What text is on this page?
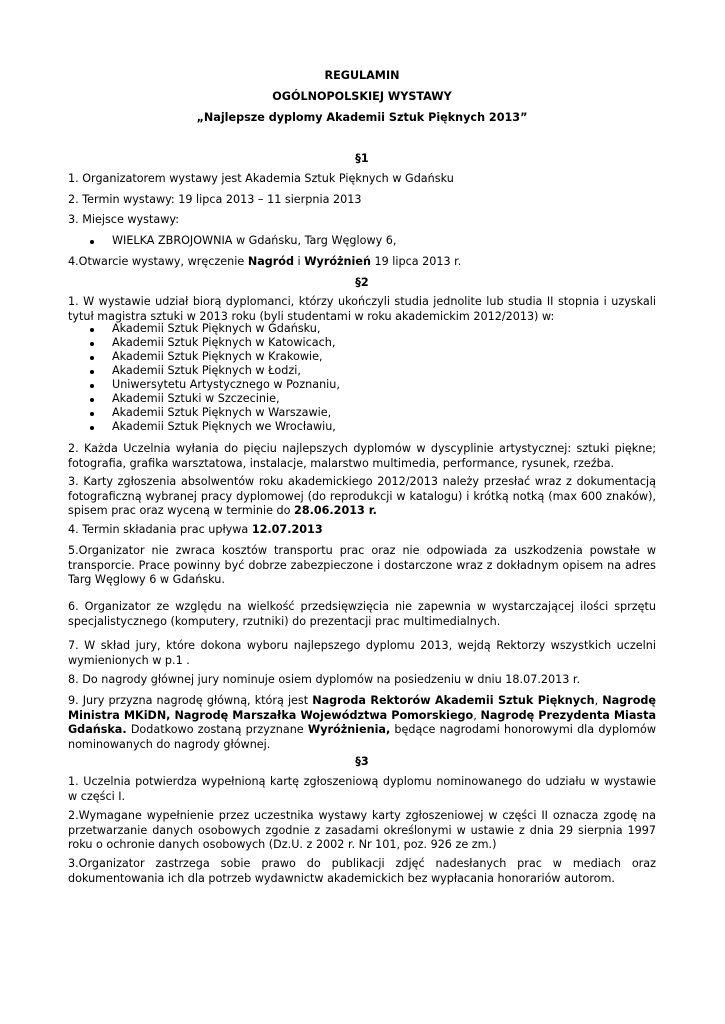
REGULAMIN
OGÓLNOPOLSKIEJ WYSTAWY
„Najlepsze dyplomy Akademii Sztuk Pięknych 2013”
§1

1. Organizatorem wystawy jest Akademia Sztuk Pięknych w Gdańsku

2. Termin wystawy: 19 lipca 2013 – 11 sierpnia 2013

3. Miejsce wystawy:

WIELKA ZBROJOWNIA w Gdańsku, Targ Węglowy 6,

4.Otwarcie wystawy, wręczenie Nagród i Wyróżnień 19 lipca 2013 r.

§2

1. W wystawie udział biorą dyplomanci, którzy ukończyli studia jednolite lub studia II stopnia i uzyskali tytuł magistra sztuki w 2013 roku (byli studentami w roku akademickim 2012/2013) w:

Akademii Sztuk Pięknych w Gdańsku,
Akademii Sztuk Pięknych w Katowicach,
Akademii Sztuk Pięknych w Krakowie,
Akademii Sztuk Pięknych w Łodzi,
Uniwersytetu Artystycznego w Poznaniu,
Akademii Sztuki w Szczecinie,
Akademii Sztuk Pięknych w Warszawie,
Akademii Sztuk Pięknych we Wrocławiu,

2. Każda Uczelnia wyłania do pięciu najlepszych dyplomów w dyscyplinie artystycznej: sztuki piękne; fotografia, grafika warsztatowa, instalacje, malarstwo multimedia, performance, rysunek, rzeźba.

3. Karty zgłoszenia absolwentów roku akademickiego 2012/2013 należy przesłać wraz z dokumentacją fotograficzną wybranej pracy dyplomowej (do reprodukcji w katalogu) i krótką notką (max 600 znaków), spisem prac oraz wyceną w terminie do 28.06.2013 r.

4. Termin składania prac upływa 12.07.2013

5.Organizator nie zwraca kosztów transportu prac oraz nie odpowiada za uszkodzenia powstałe w transporcie. Prace powinny być dobrze zabezpieczone i dostarczone wraz z dokładnym opisem na adres Targ Węglowy 6 w Gdańsku.

6. Organizator ze względu na wielkość przedsięwzięcia nie zapewnia w wystarczającej ilości sprzętu specjalistycznego (komputery, rzutniki) do prezentacji prac multimedialnych.

7. W skład jury, które dokona wyboru najlepszego dyplomu 2013, wejdą Rektorzy wszystkich uczelni wymienionych w p.1 .

8. Do nagrody głównej jury nominuje osiem dyplomów na posiedzeniu w dniu 18.07.2013 r.

9. Jury przyzna nagrodę główną, którą jest Nagroda Rektorów Akademii Sztuk Pięknych, Nagrodę Ministra MKiDN, Nagrodę Marszałka Województwa Pomorskiego, Nagrodę Prezydenta Miasta Gdańska. Dodatkowo zostaną przyznane Wyróżnienia, będące nagrodami honorowymi dla dyplomów nominowanych do nagrody głównej.

§3

1. Uczelnia potwierdza wypełnioną kartę zgłoszeniową dyplomu nominowanego do udziału w wystawie w części I.

2.Wymagane wypełnienie przez uczestnika wystawy karty zgłoszeniowej w części II oznacza zgodę na przetwarzanie danych osobowych zgodnie z zasadami określonymi w ustawie z dnia 29 sierpnia 1997 roku o ochronie danych osobowych (Dz.U. z 2002 r. Nr 101, poz. 926 ze zm.)

3.Organizator zastrzega sobie prawo do publikacji zdjęć nadesłanych prac w mediach oraz dokumentowania ich dla potrzeb wydawnictw akademickich bez wypłacania honorariów autorom.
